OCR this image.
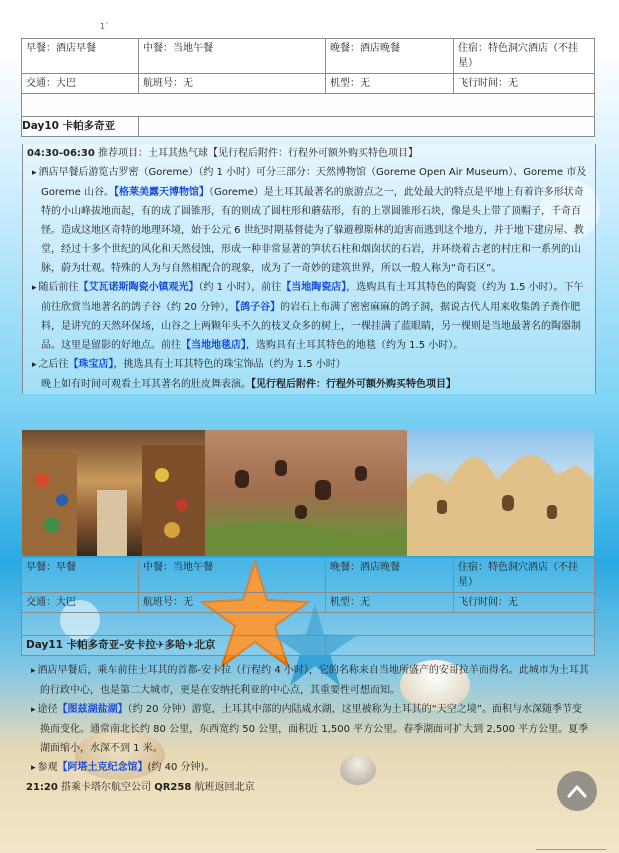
1`
早餐：酒店早餐	中餐：当地午餐	晚餐：酒店晚餐	住宿：特色洞穴酒店（不挂星）
交通：大巴	航班号：无	机型：无	飞行时间：无

Day10 卡帕多奇亚			

04:30-06:30 推荐项目：土耳其热气球【见行程后附件：行程外可额外购买特色项目】

▸ 酒店早餐后游览古罗密（Goreme）（约 1 小时）可分三部分：天然博物馆（Goreme Open Air Museum）、Goreme 市及 Goreme 山谷。【格莱美露天博物馆】（Goreme）是土耳其最著名的旅游点之一，此处最大的特点是平地上有着许多形状奇特的小山峰拔地而起，有的成了圆锥形，有的则成了圆柱形和蘑菇形，有的上罩圆锥形石块，像是头上带了顶帽子，千奇百怪。造成这地区奇特的地理环境，始于公元 6 世纪时期基督徒为了躲避穆斯林的迫害而逃到这个地方，并于地下建房屋、教堂，经过十多个世纪的风化和天然侵蚀，形成一种非常显著的笋状石柱和烟囱状的石岩，并环绕着古老的村庄和一系列的山脉，蔚为壮观。特殊的人为与自然相配合的现象，成为了一奇妙的建筑世界，所以一般人称为“奇石区”。

▸ 随后前往【艾瓦诺斯陶瓷小镇观光】（约 1 小时），前往【当地陶瓷店】，选购具有土耳其特色的陶瓷（约为 1.5 小时）。下午前往欣赏当地著名的鸽子谷（约 20 分钟），【鸽子谷】的岩石上布满了密密麻麻的鸽子洞，据说古代人用来收集鸽子粪作肥料，是讲究的天然环保场，山谷之上两颗年头不久的枝叉众多的树上，一棵挂满了蓝眼睛，另一棵则是当地最著名的陶器制品。这里是留影的好地点。前往【当地地毯店】，选购具有土耳其特色的地毯（约为 1.5 小时）。

▸ 之后往【珠宝店】，挑选具有土耳其特色的珠宝饰品（约为 1.5 小时）

晚上如有时间可观看土耳其著名的肚皮舞表演。【见行程后附件：行程外可额外购买特色项目】

早餐：早餐	中餐：当地午餐	晚餐：酒店晚餐	住宿：特色洞穴酒店（不挂星）
交通：大巴	航班号：无	机型：无	飞行时间：无

Day11 卡帕多奇亚–安卡拉✈多哈✈北京			

▸ 酒店早餐后，乘车前往土耳其的首都-安卡拉（行程约 4 小时），它的名称来自当地所盛产的安哥拉羊而得名。此城市为土耳其的行政中心，也是第二大城市，更是在安纳托利亚的中心点，其重要性可想而知。

▸ 途径【图兹湖盐湖】（约 20 分钟）游览，土耳其中部的内陆咸水湖，这里被称为土耳其的“天空之境”。面积与水深随季节变换而变化。通常南北长约 80 公里，东西宽约 50 公里，面积近 1,500 平方公里。春季湖面可扩大到 2,500 平方公里。夏季湖面缩小，水深不到 1 米。

▸ 参观【阿塔土克纪念馆】(约 40 分钟)。

21:20 搭乘卡塔尔航空公司 QR258 航班返回北京
